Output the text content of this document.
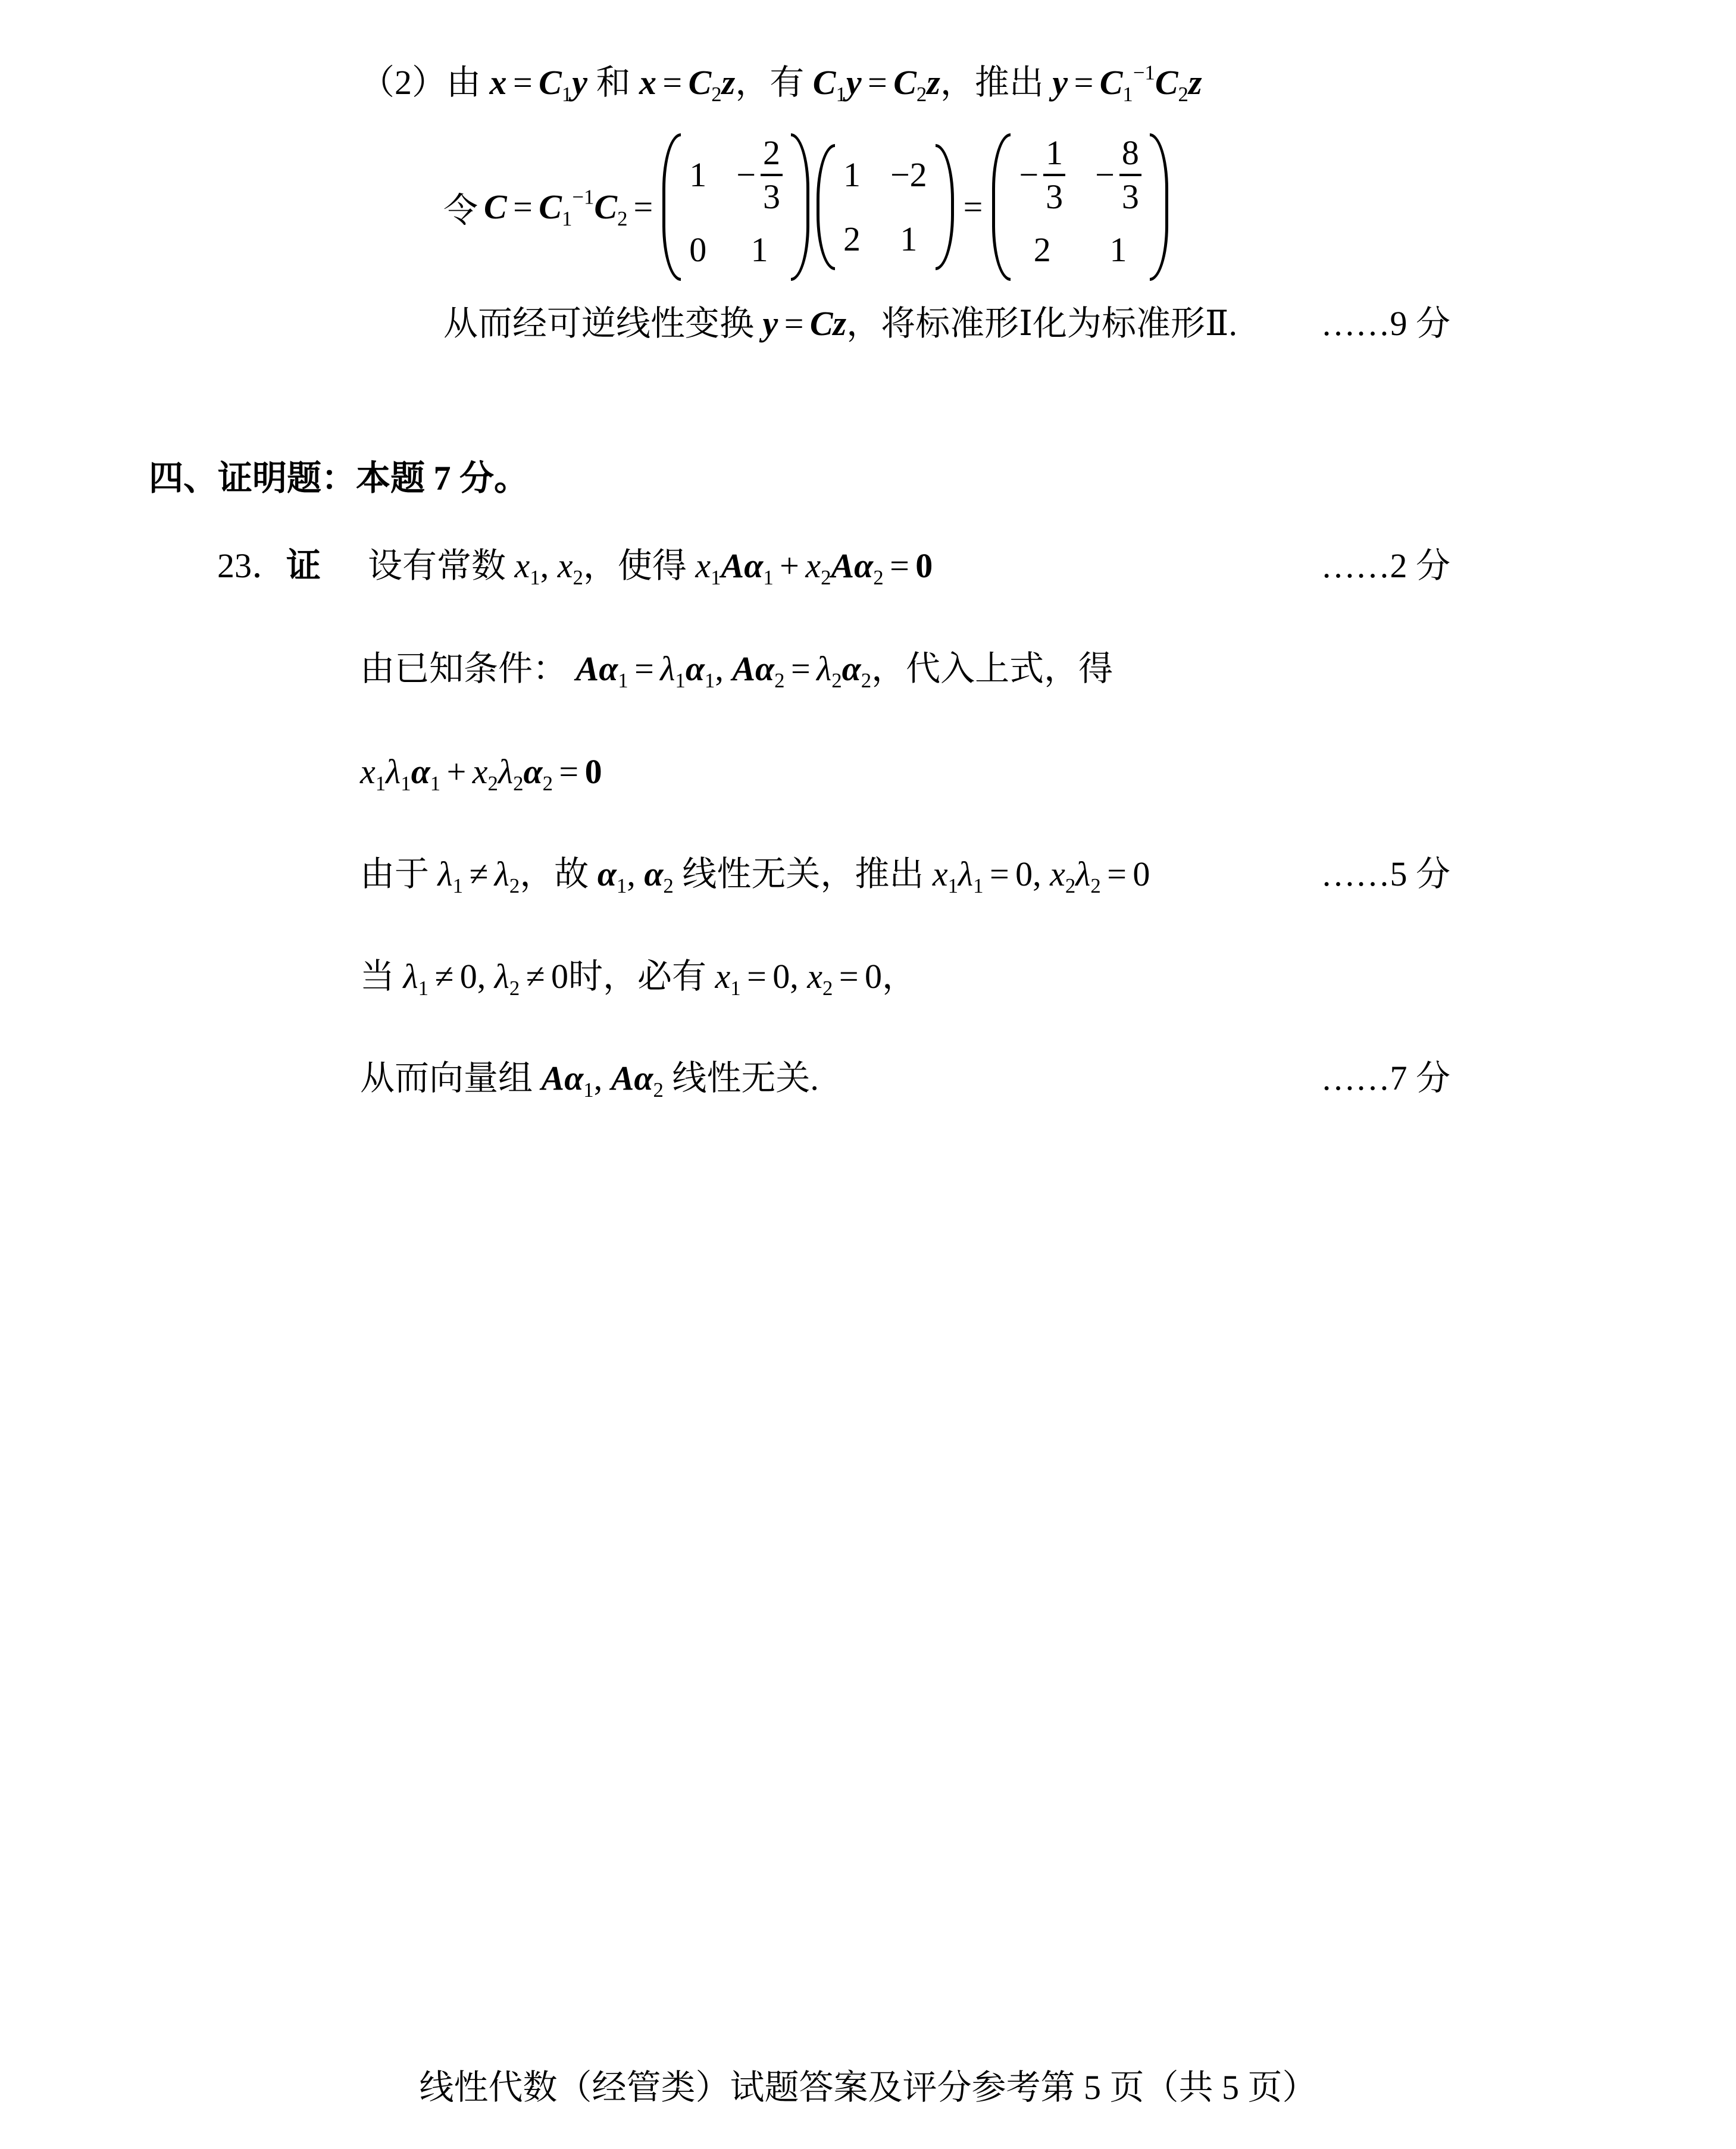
（2）由 $x = C_1y$ 和 $x = C_2z$，有 $C_1y = C_2z$，推出 $y = C_1^{-1}C_2z$
令 $C = C_1^{-1}C_2$ =
$1 - \frac{2}{3}$
0 1
1 −2
2 1
=
− $\frac{1}{3} - \frac{8}{3}$
2 1
从而经可逆线性变换 y = Cz，将标准形Ⅰ化为标准形Ⅱ. ……9 分
四、证明题：本题 7 分。
23．证 设有常数 $x_1$, $x_2$，使得 $x_1A\alpha_1 + x_2A\alpha_2 = 0$	……2 分
由已知条件： $A\alpha_1 = \lambda_1\alpha_1$, $A\alpha_2 = \lambda_2\alpha_2$，代入上式，得
$x_1\lambda_1\alpha_1 + x_2\lambda_2\alpha_2 = 0$
由于 $\lambda_1 \ne \lambda_2$，故 $\alpha_1$, $\alpha_2$ 线性无关，推出 $x_1\lambda_1 = 0$, $x_2\lambda_2 = 0$	……5 分
当 $\lambda_1 \ne 0$, $\lambda_2 \ne 0$时，必有 $x_1 = 0$, $x_2 = 0$，
从而向量组 $A\alpha_1$, $A\alpha_2$ 线性无关.	……7 分
线性代数（经管类）试题答案及评分参考第 5 页（共 5 页）
